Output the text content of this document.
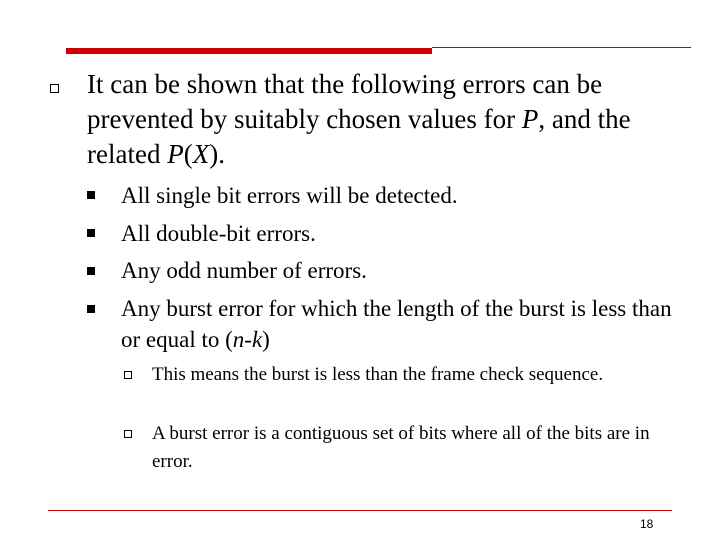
It can be shown that the following errors can be prevented by suitably chosen values for P, and the related P(X).
All single bit errors will be detected.
All double-bit errors.
Any odd number of errors.
Any burst error for which the length of the burst is less than or equal to (n-k)
This means the burst is less than the frame check sequence.
A burst error is a contiguous set of bits where all of the bits are in error.
18
